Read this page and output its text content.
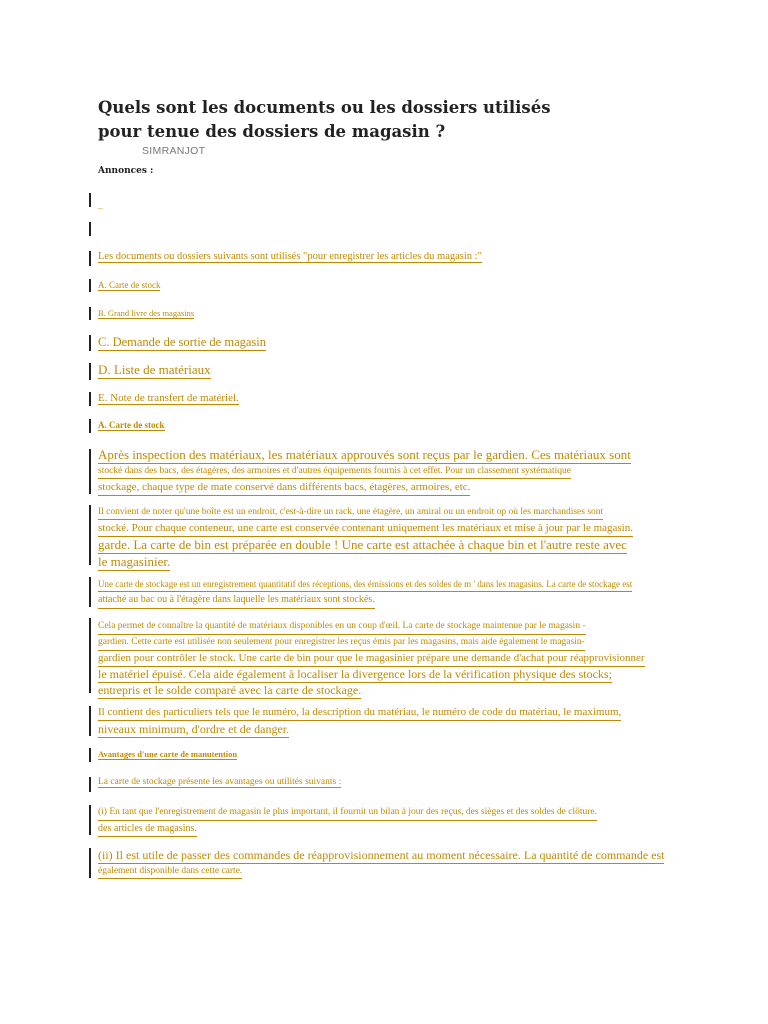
Quels sont les documents ou les dossiers utilisés pour tenue des dossiers de magasin ?
SIMRANJOT
Annonces :
_
Les documents ou dossiers suivants sont utilisés "pour enregistrer les articles du magasin :"
A. Carte de stock
B. Grand livre des magasins
C. Demande de sortie de magasin
D. Liste de matériaux
E. Note de transfert de matériel.
A. Carte de stock
Après inspection des matériaux, les matériaux approuvés sont reçus par le gardien. Ces matériaux sont
stocké dans des bacs, des étagères, des armoires et d'autres équipements fournis à cet effet. Pour un classement systématique
stockage, chaque type de mate conservé dans différents bacs, étagères, armoires, etc.
Il convient de noter qu'une boîte est un endroit, c'est-à-dire un rack, une étagère, un amiral ou un endroit op où les marchandises sont
stocké. Pour chaque conteneur, une carte est conservée contenant uniquement les matériaux et mise à jour par le magasin.
garde. La carte de bin est préparée en double ! Une carte est attachée à chaque bin et l'autre reste avec
le magasinier.
Une carte de stockage est un enregistrement quantitatif des réceptions, des émissions et des soldes de m ' dans les magasins. La carte de stockage est
attaché au bac ou à l'étagère dans laquelle les matériaux sont stockés.
Cela permet de connaître la quantité de matériaux disponibles en un coup d'œil. La carte de stockage maintenue par le magasin -
gardien. Cette carte est utilisée non seulement pour enregistrer les reçus émis par les magasins, mais aide également le magasin-
gardien pour contrôler le stock. Une carte de bin pour que le magasinier prépare une demande d'achat pour réapprovisionner
le matériel épuisé. Cela aide également à localiser la divergence lors de la vérification physique des stocks;
entrepris et le solde comparé avec la carte de stockage.
Il contient des particuliers tels que le numéro, la description du matériau, le numéro de code du matériau, le maximum,
niveaux minimum, d'ordre et de danger.
Avantages d'une carte de manutention
La carte de stockage présente les avantages ou utilités suivants :
(i) En tant que l'enregistrement de magasin le plus important, il fournit un bilan à jour des reçus, des sièges et des soldes de clôture.
des articles de magasins.
(ii) Il est utile de passer des commandes de réapprovisionnement au moment nécessaire. La quantité de commande est
également disponible dans cette carte.
